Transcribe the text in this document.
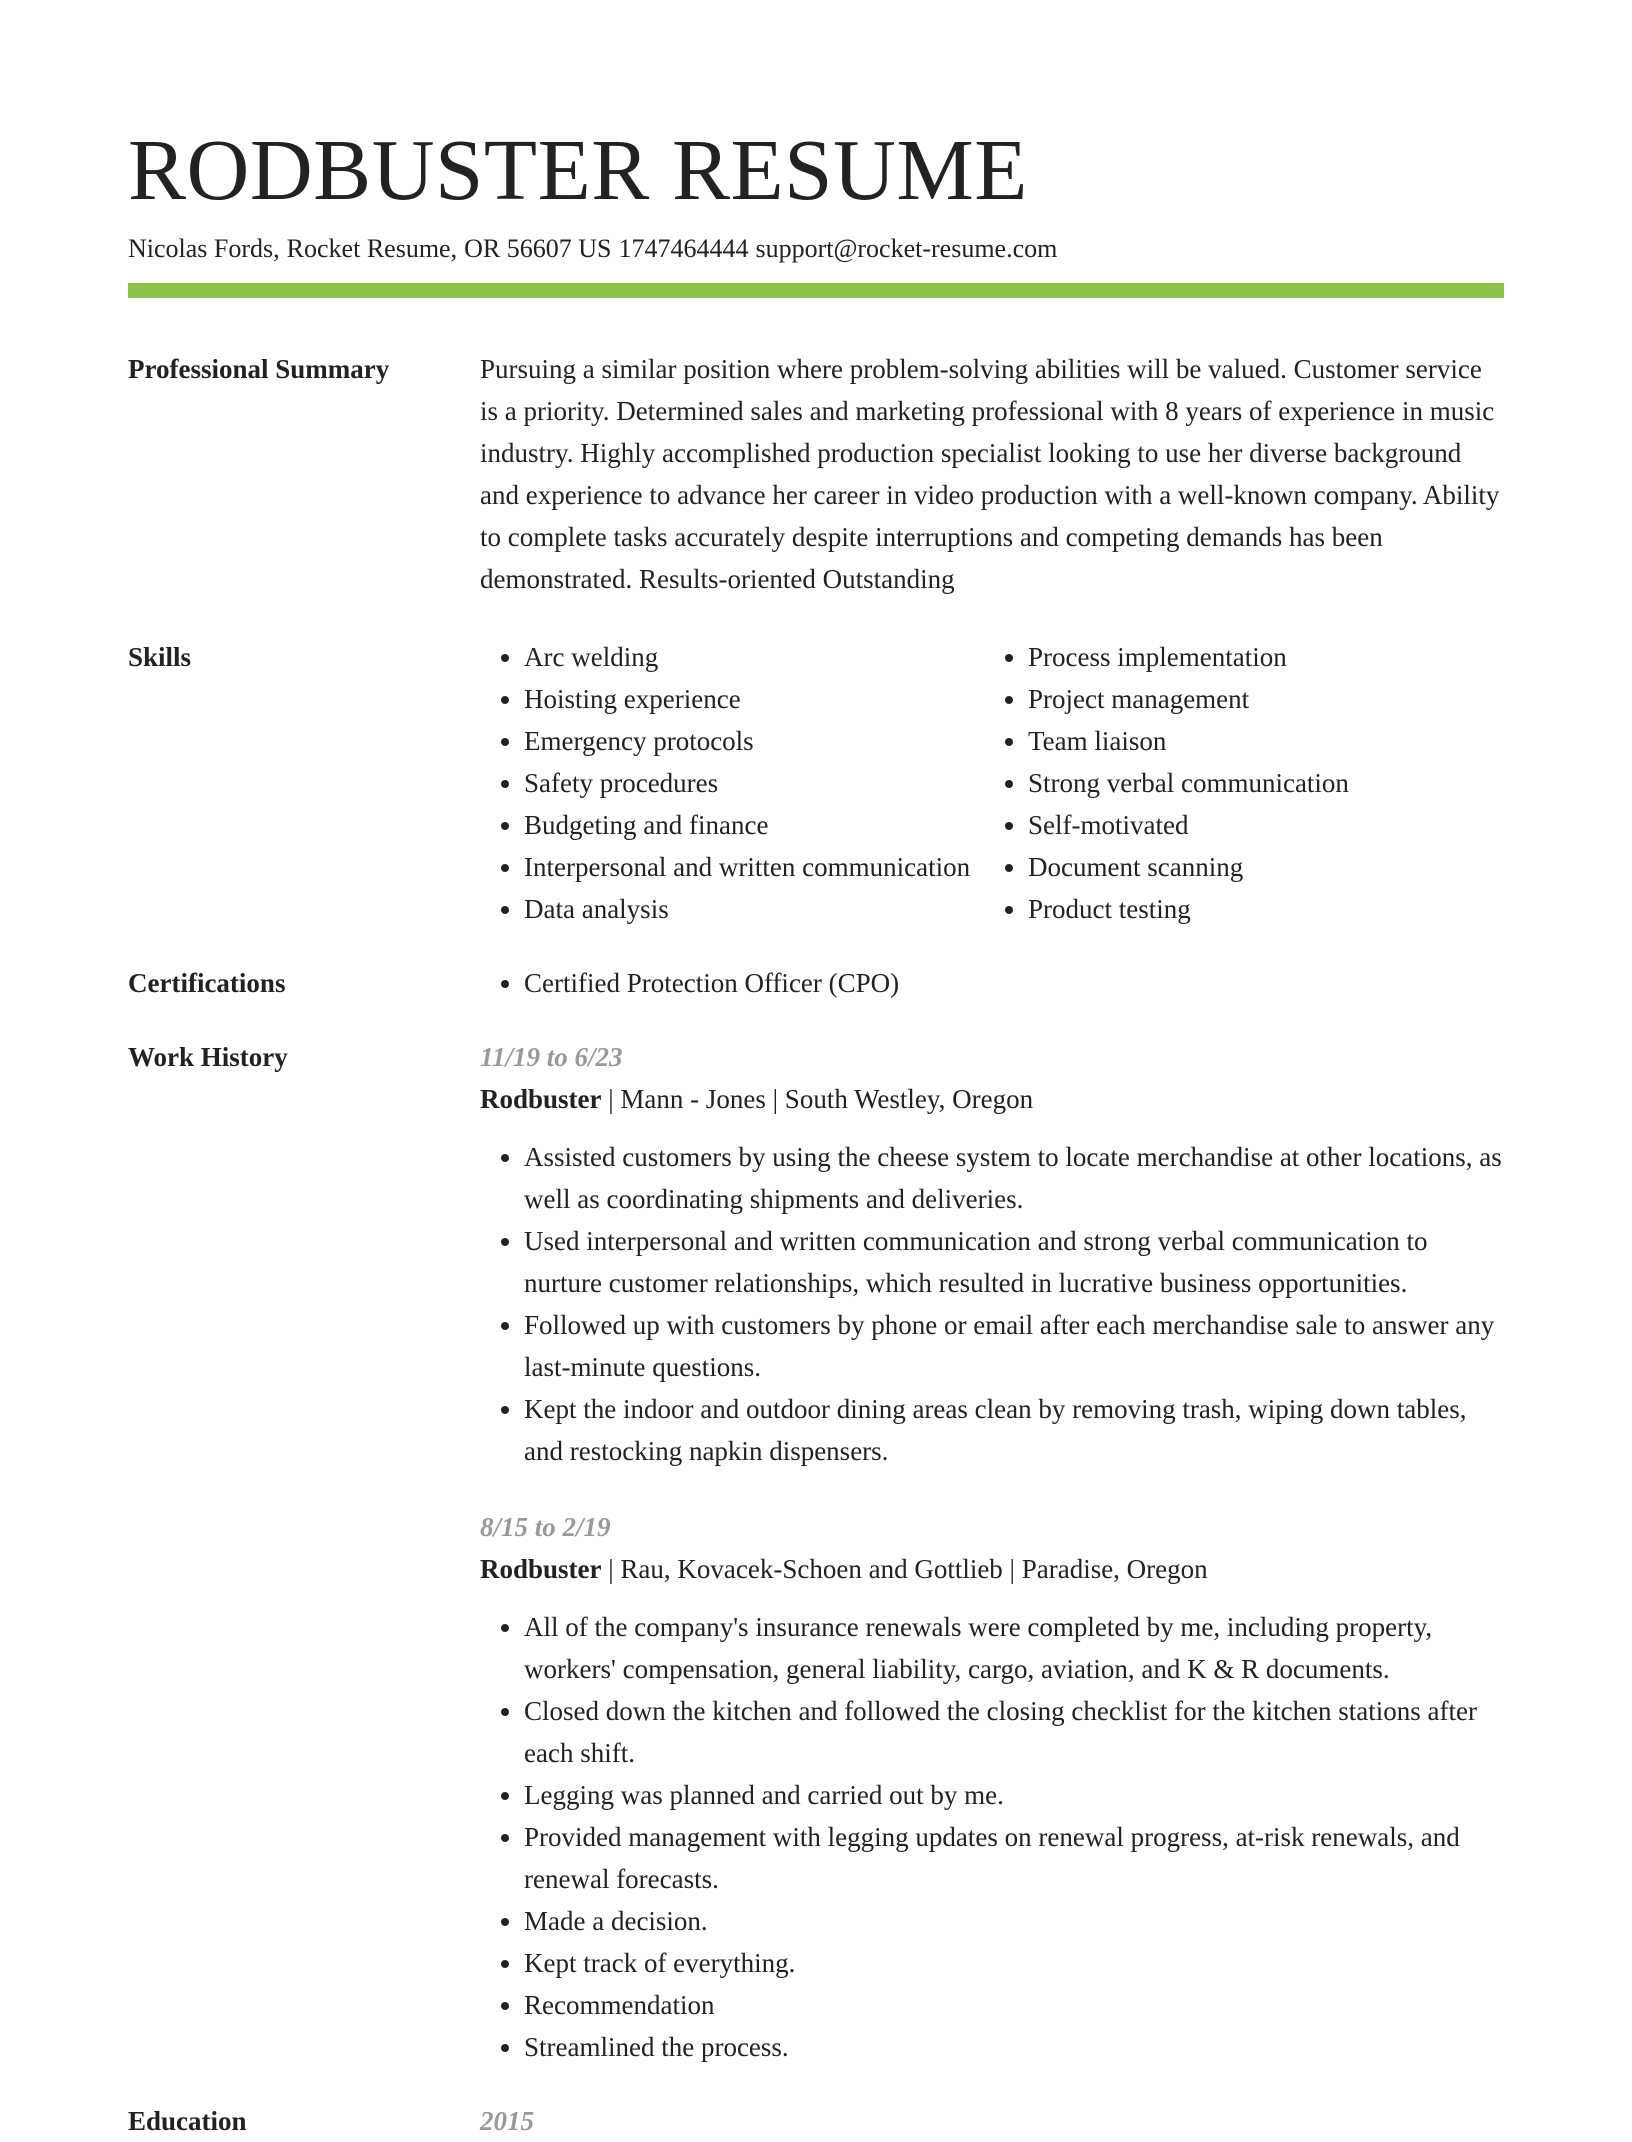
RODBUSTER RESUME
Nicolas Fords, Rocket Resume, OR 56607 US 1747464444 support@rocket-resume.com
Professional Summary	Pursuing a similar position where problem-solving abilities will be valued. Customer service is a priority. Determined sales and marketing professional with 8 years of experience in music industry. Highly accomplished production specialist looking to use her diverse background and experience to advance her career in video production with a well-known company. Ability to complete tasks accurately despite interruptions and competing demands has been demonstrated. Results-oriented Outstanding

Skills	• Arc welding
• Hoisting experience
• Emergency protocols
• Safety procedures
• Budgeting and finance
• Interpersonal and written communication
• Data analysis
• Process implementation
• Project management
• Team liaison
• Strong verbal communication
• Self-motivated
• Document scanning
• Product testing
Certifications	• Certified Protection Officer (CPO)
Work History	11/19 to 6/23
Rodbuster | Mann - Jones | South Westley, Oregon
• Assisted customers by using the cheese system to locate merchandise at other locations, as well as coordinating shipments and deliveries.
• Used interpersonal and written communication and strong verbal communication to nurture customer relationships, which resulted in lucrative business opportunities.
• Followed up with customers by phone or email after each merchandise sale to answer any last-minute questions.
• Kept the indoor and outdoor dining areas clean by removing trash, wiping down tables, and restocking napkin dispensers.
8/15 to 2/19
Rodbuster | Rau, Kovacek-Schoen and Gottlieb | Paradise, Oregon
• All of the company's insurance renewals were completed by me, including property, workers' compensation, general liability, cargo, aviation, and K & R documents.
• Closed down the kitchen and followed the closing checklist for the kitchen stations after each shift.
• Legging was planned and carried out by me.
• Provided management with legging updates on renewal progress, at-risk renewals, and renewal forecasts.
• Made a decision.
• Kept track of everything.
• Recommendation
• Streamlined the process.
Education	2015
